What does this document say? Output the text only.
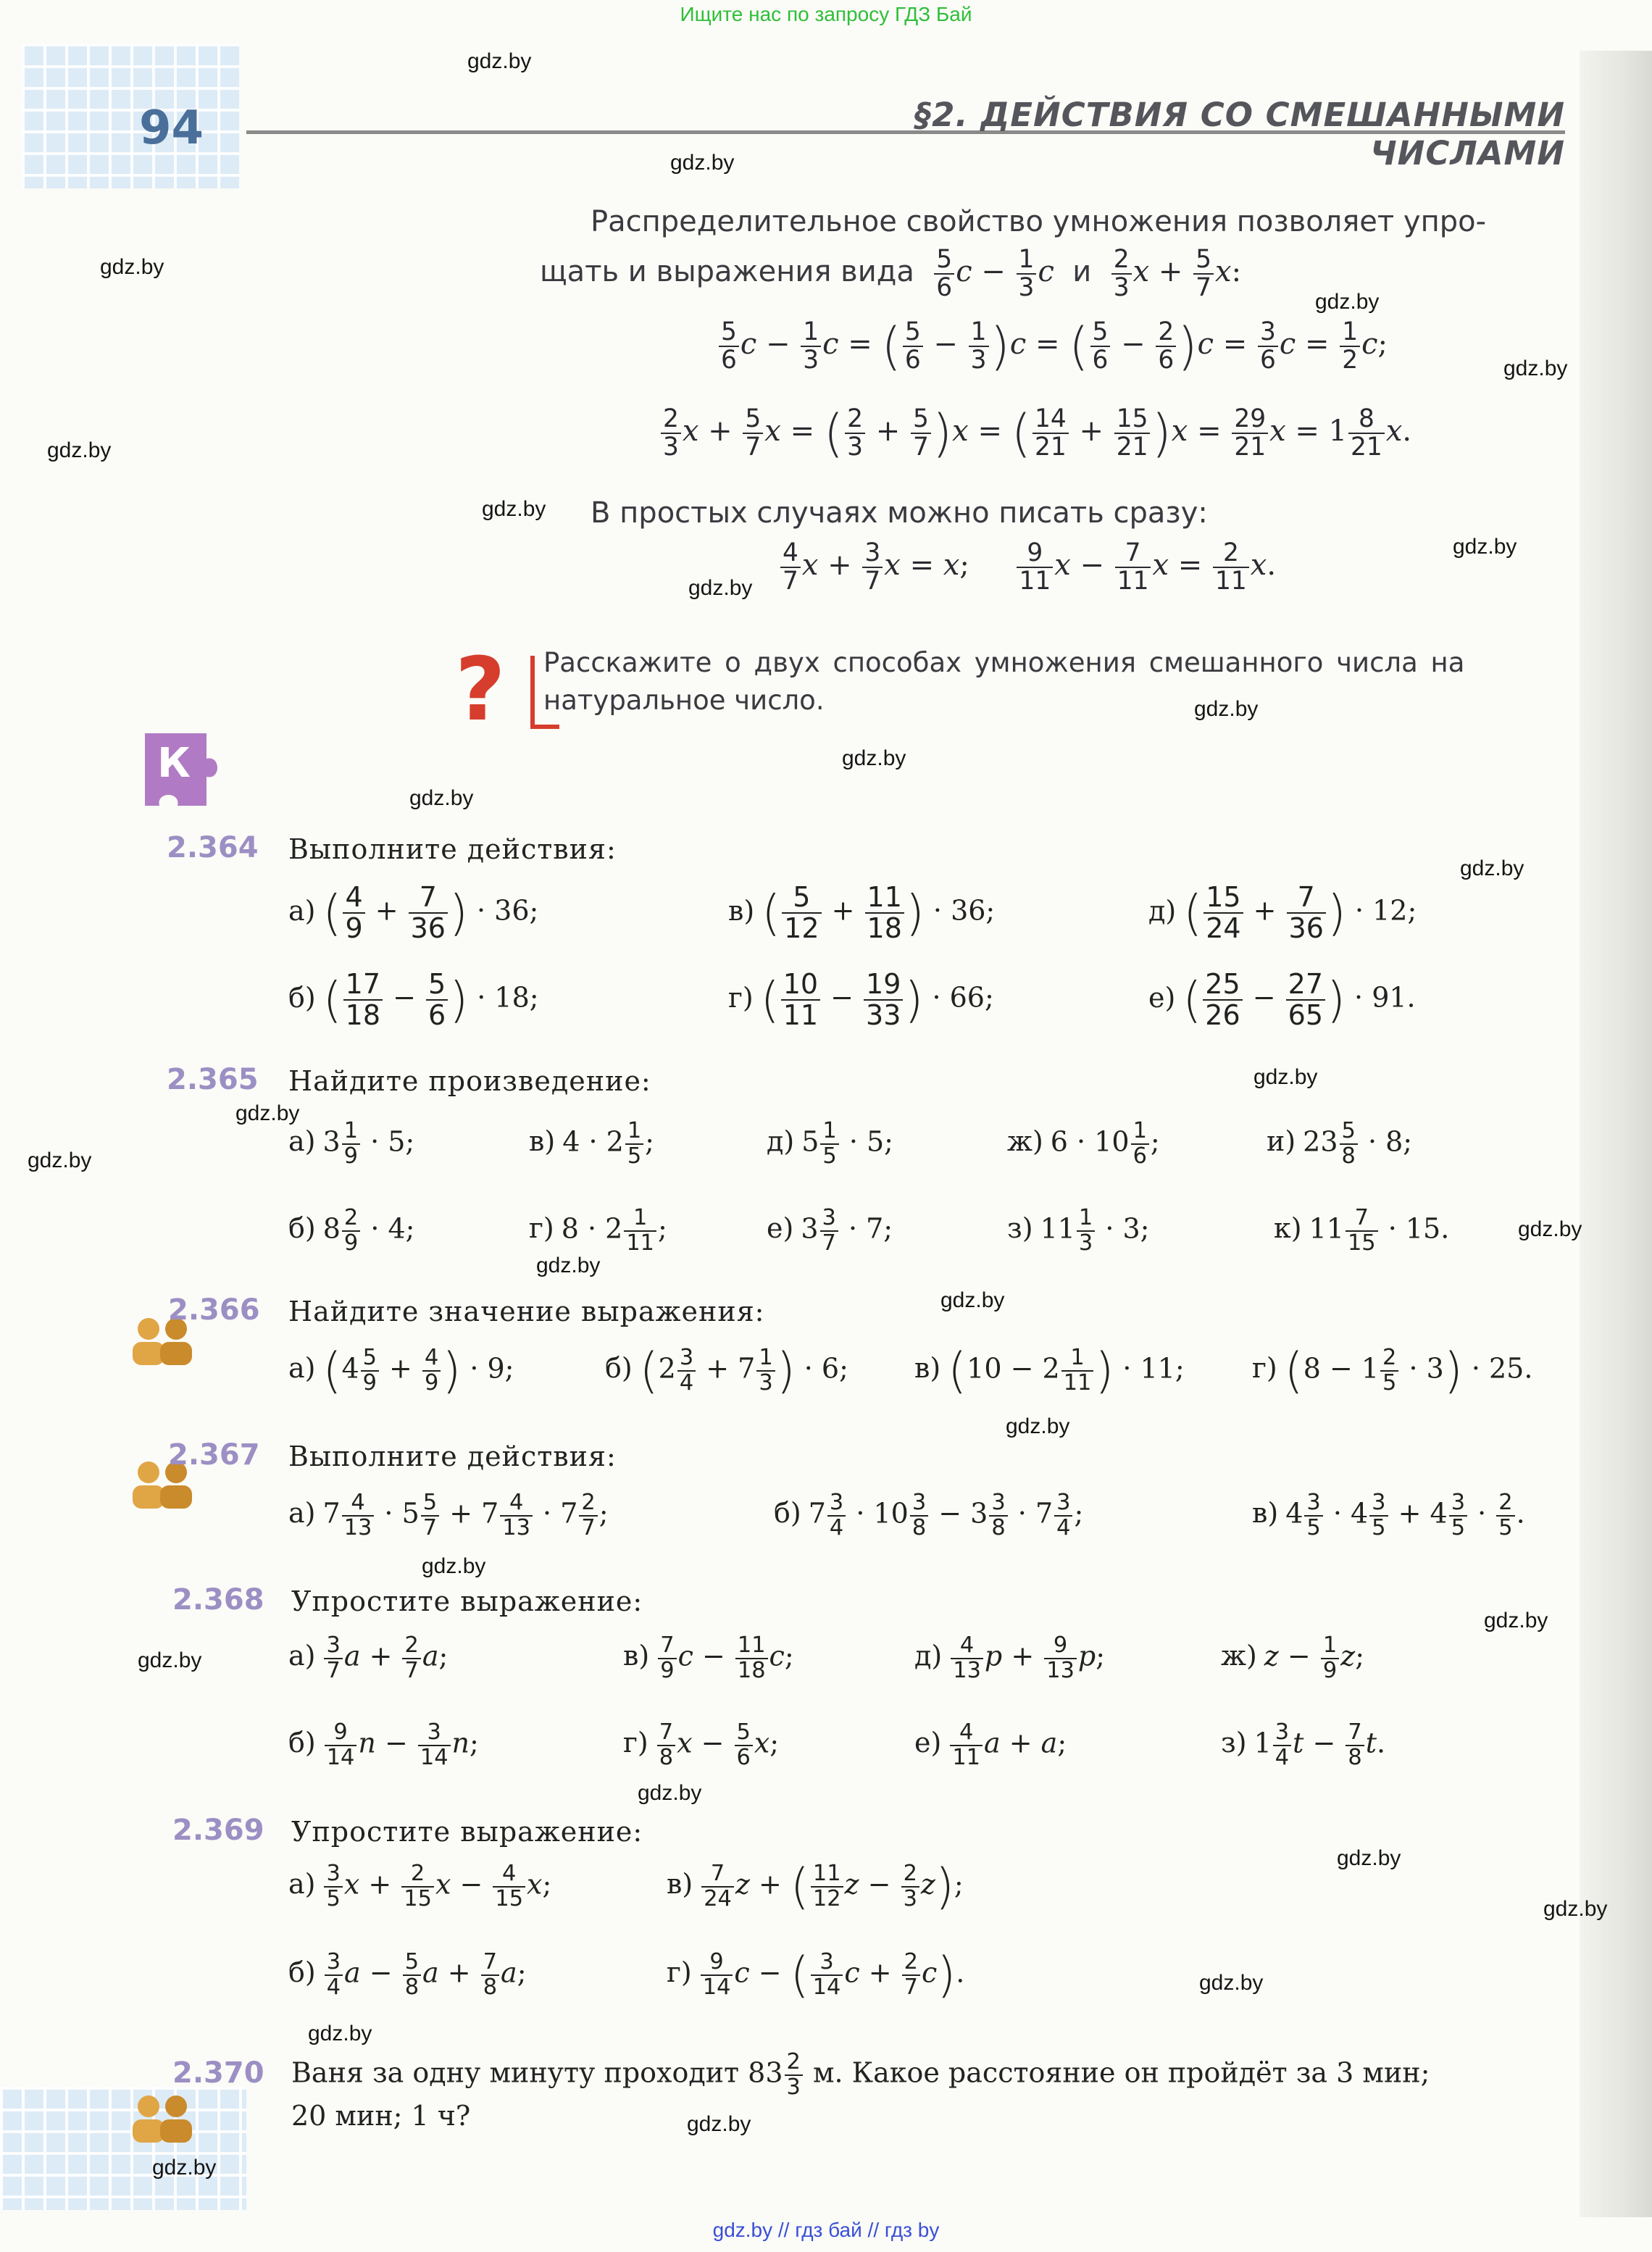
Ищите нас по запросу ГДЗ Бай
94	§2. ДЕЙСТВИЯ СО СМЕШАННЫМИ ЧИСЛАМИ
Распределительное свойство умножения позволяет упро-
щать и выражения вида $\frac{5}{6}$ $c - \frac{1}{3}$ c и $\frac{2}{3}$ $x + \frac{5}{7} x$:
$\frac{5}{6}$ $c - \frac{1}{3}$ c = ( $\frac{5}{6} - \frac{1}{3} )c$ = ( $\frac{5}{6} - \frac{2}{6} )c = \frac{3}{6}$ $c = \frac{1}{2} c$;
$\frac{2}{3}$ $x + \frac{5}{7}$ x = ( $\frac{2}{3} + \frac{5}{7} )x$ = ( $\frac{14}{21} + \frac{15}{21} )x = \frac{29}{21}$ $x = 1 \frac{8}{21} x$.
В простых случаях можно писать сразу:
$\frac{4}{7}$ $x + \frac{3}{7}$ x = x; $\frac{9}{11}$ $x - \frac{7}{11}$ $x = \frac{2}{11} x$.
?	Расскажите о двух способах умножения смешанного числа на
натуральное число.
К
2.364 Выполните действия:
а) ( $\frac{4}{9} + \frac{7}{36}$ ) · 36;	в) ( $\frac{5}{12} + \frac{11}{18}$ ) · 36;	д) ( $\frac{15}{24} + \frac{7}{36}$ ) · 12;
б) ( $\frac{17}{18} - \frac{5}{6}$ ) · 18;	г) ( $\frac{10}{11} - \frac{19}{33}$ ) · 66;	е) ( $\frac{25}{26} - \frac{27}{65}$ ) · 91.
2.365 Найдите произведение:
а) $3 \frac{1}{9} \cdot 5$;	в) $4 \cdot 2 \frac{1}{5}$ ;	д) $5 \frac{1}{5} \cdot 5$;	ж) $6 \cdot 10 \frac{1}{6}$ ;	и) $23 \frac{5}{8} \cdot 8$;
б) $8 \frac{2}{9} \cdot 4$;	г) $8 \cdot 2 \frac{1}{11}$ ;	е) $3 \frac{3}{7} \cdot 7$;	з) $11 \frac{1}{3} \cdot 3$;	к) $11 \frac{7}{15} \cdot 15$.
2.366 Найдите значение выражения:
а) ($4 \frac{5}{9} + \frac{4}{9}$ ) · 9;	б) ($2 \frac{3}{4} + 7 \frac{1}{3}$ ) · 6; в) ($10 - 2 \frac{1}{11}$ ) · 11; г) $(8 - 1 \frac{2}{5} \cdot 3) \cdot 25$.
2.367 Выполните действия:
а) $7 \frac{4}{13} \cdot 5 \frac{5}{7} + 7 \frac{4}{13} \cdot 7 \frac{2}{7}$ ;	б) $7 \frac{3}{4} \cdot 10 \frac{3}{8} - 3 \frac{3}{8} \cdot 7 \frac{3}{4}$ ;	в) $4 \frac{3}{5} \cdot 4 \frac{3}{5} + 4 \frac{3}{5} \cdot \frac{2}{5}$ .
2.368 Упростите выражение:
$а) \frac{3}{7}$ $a + \frac{2}{7} a$;	$в) \frac{7}{9}$ $c - \frac{11}{18} c$;	$д) \frac{4}{13}$ $p + \frac{9}{13} p$;	ж) $z - \frac{1}{9} z$;
$б) \frac{9}{14}$ $n - \frac{3}{14} n$;	$г) \frac{7}{8}$ $x - \frac{5}{6} x$;	$е) \frac{4}{11}$ a + a;	з) $1 \frac{3}{4}$ $t - \frac{7}{8} t$.
2.369 Упростите выражение:
$а) \frac{3}{5}$ $x + \frac{2}{15}$ $x - \frac{4}{15} x$;	$в) \frac{7}{24}$ z + ( $\frac{11}{12}$ $z - \frac{2}{3} z$);
$б) \frac{3}{4}$ $a - \frac{5}{8}$ $a + \frac{7}{8} a$;	$г) \frac{9}{14}$ c − ( $\frac{3}{14}$ $c + \frac{2}{7} c$).
2.370 Ваня за одну минуту проходит $83 \frac{2}{3} м$. Какое расстояние он пройдёт за 3 мин;
20 мин; 1 ч?
gdz.by
gdz.by
gdz.by
gdz.by
gdz.by
gdz.by
gdz.by
gdz.by
gdz.by
gdz.by
gdz.by
gdz.by
gdz.by
gdz.by
gdz.by
gdz.by
gdz.by
gdz.by
gdz.by
gdz.by
gdz.by
gdz.by
gdz.by
gdz.by
gdz.by
gdz.by
gdz.by
gdz.by
gdz.by
gdz.by
gdz.by // гдз бай // гдз by
